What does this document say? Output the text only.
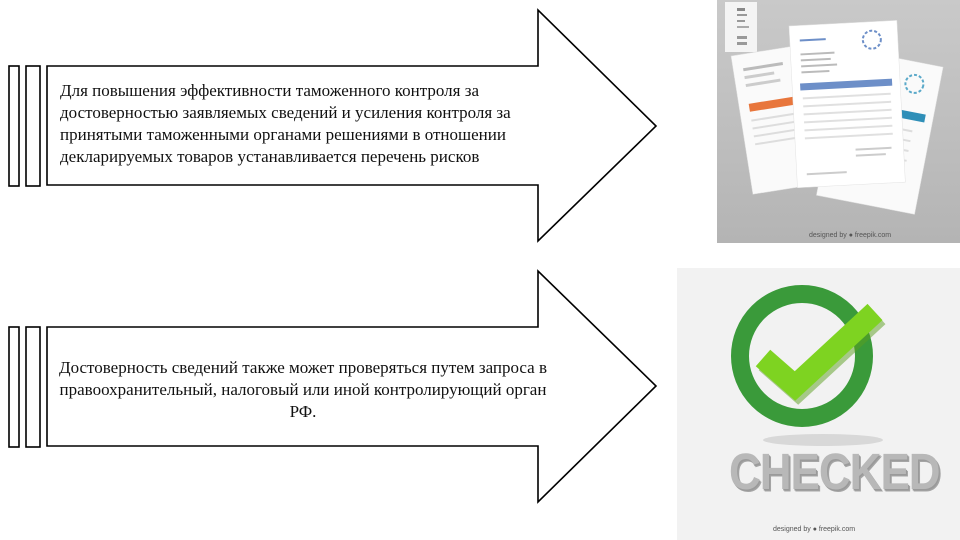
Для повышения эффективности таможенного контроля за достоверностью заявляемых сведений и усиления контроля за принятыми таможенными органами решениями в отношении декларируемых товаров устанавливается перечень рисков
Достоверность сведений также может проверяться путем запроса в правоохранительный, налоговый или иной контролирующий орган РФ.
designed by ● freepik.com
CHECKED
designed by ● freepik.com
